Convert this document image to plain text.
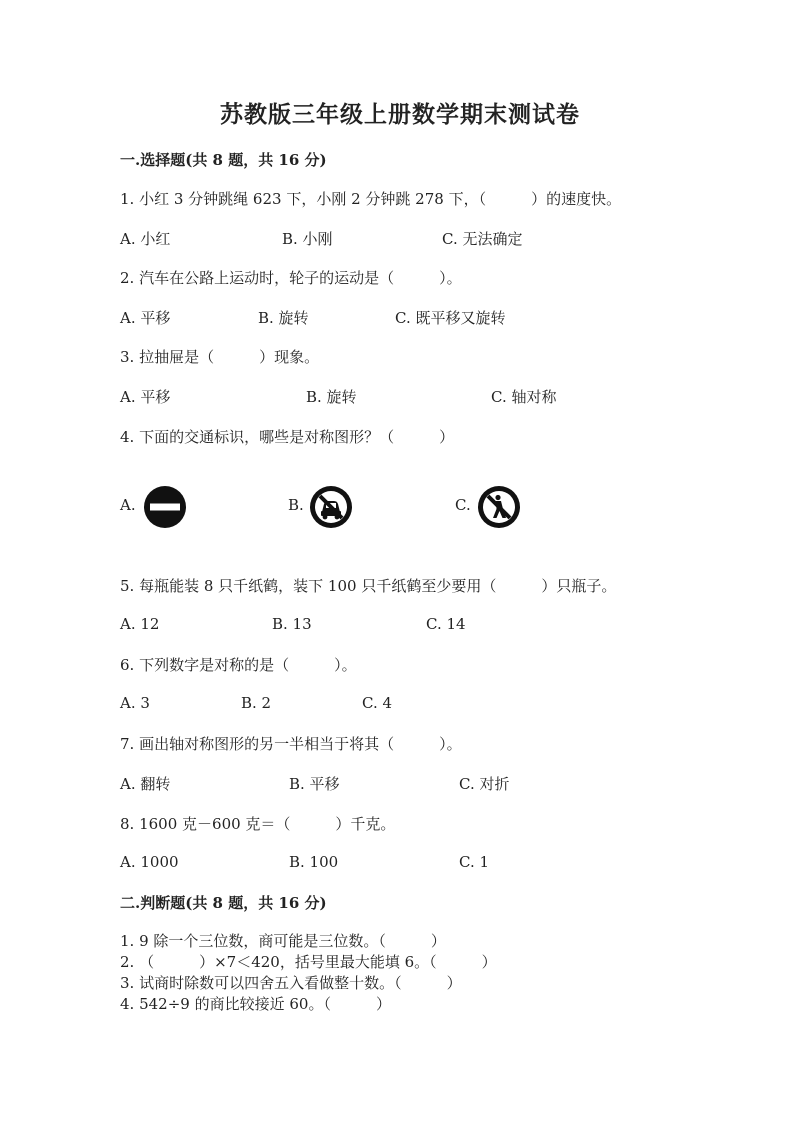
苏教版三年级上册数学期末测试卷
一.选择题(共 8 题，共 16 分)
1. 小红 3 分钟跳绳 623 下，小刚 2 分钟跳 278 下，（　　　）的速度快。
A. 小红	B. 小刚	C. 无法确定
2. 汽车在公路上运动时，轮子的运动是（　　　）。
A. 平移	B. 旋转	C. 既平移又旋转
3. 拉抽屉是（　　　）现象。
A. 平移	B. 旋转	C. 轴对称
4. 下面的交通标识，哪些是对称图形？（　　　）
A.	B.	C.
5. 每瓶能装 8 只千纸鹤，装下 100 只千纸鹤至少要用（　　　）只瓶子。
A. 12	B. 13	C. 14
6. 下列数字是对称的是（　　　）。
A. 3	B. 2	C. 4
7. 画出轴对称图形的另一半相当于将其（　　　）。
A. 翻转	B. 平移	C. 对折
8. 1600 克－600 克＝（　　　）千克。
A. 1000	B. 100	C. 1
二.判断题(共 8 题，共 16 分)
1. 9 除一个三位数，商可能是三位数。（　　　）
2. （　　　）×7＜420，括号里最大能填 6。（　　　）
3. 试商时除数可以四舍五入看做整十数。（　　　）
4. 542÷9 的商比较接近 60。（　　　）
